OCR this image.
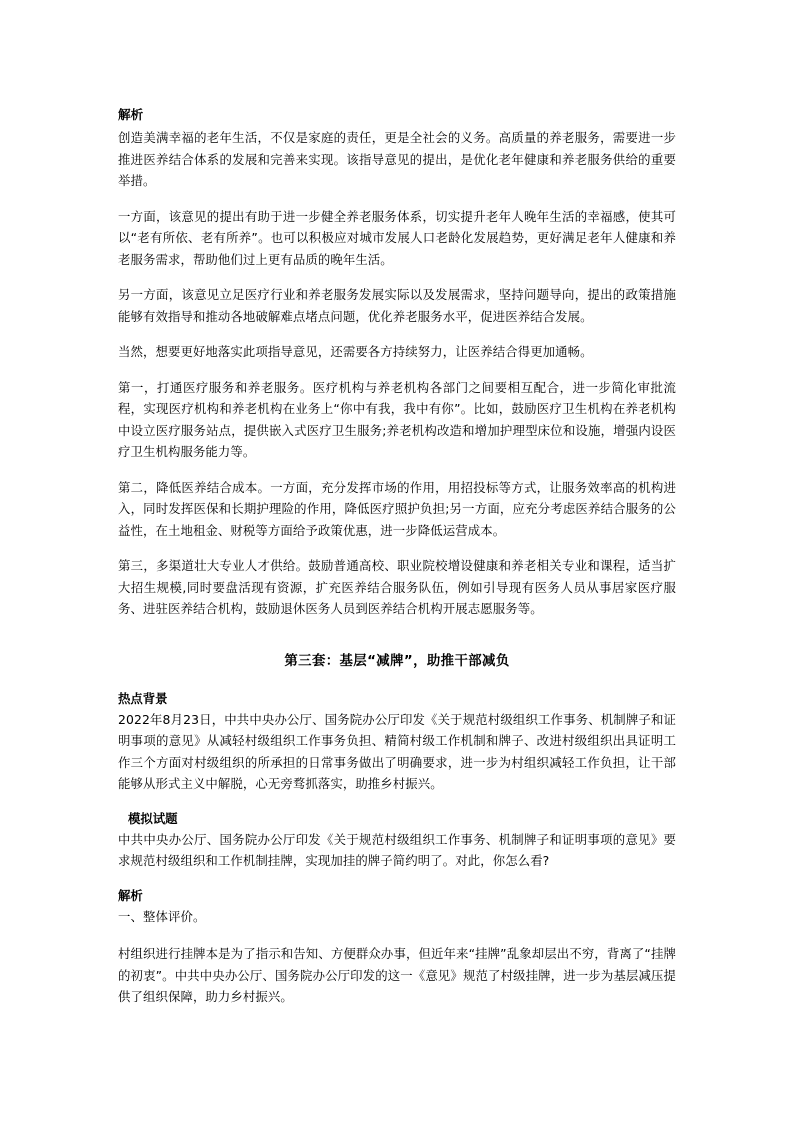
解析

创造美满幸福的老年生活，不仅是家庭的责任，更是全社会的义务。高质量的养老服务，需要进一步推进医养结合体系的发展和完善来实现。该指导意见的提出，是优化老年健康和养老服务供给的重要举措。

一方面，该意见的提出有助于进一步健全养老服务体系，切实提升老年人晚年生活的幸福感，使其可以“老有所依、老有所养”。也可以积极应对城市发展人口老龄化发展趋势，更好满足老年人健康和养老服务需求，帮助他们过上更有品质的晚年生活。

另一方面，该意见立足医疗行业和养老服务发展实际以及发展需求，坚持问题导向，提出的政策措施能够有效指导和推动各地破解难点堵点问题，优化养老服务水平，促进医养结合发展。

当然，想要更好地落实此项指导意见，还需要各方持续努力，让医养结合得更加通畅。

第一，打通医疗服务和养老服务。医疗机构与养老机构各部门之间要相互配合，进一步简化审批流程，实现医疗机构和养老机构在业务上“你中有我，我中有你”。比如，鼓励医疗卫生机构在养老机构中设立医疗服务站点，提供嵌入式医疗卫生服务;养老机构改造和增加护理型床位和设施，增强内设医疗卫生机构服务能力等。

第二，降低医养结合成本。一方面，充分发挥市场的作用，用招投标等方式，让服务效率高的机构进入，同时发挥医保和长期护理险的作用，降低医疗照护负担;另一方面，应充分考虑医养结合服务的公益性，在土地租金、财税等方面给予政策优惠，进一步降低运营成本。

第三，多渠道壮大专业人才供给。鼓励普通高校、职业院校增设健康和养老相关专业和课程，适当扩大招生规模,同时要盘活现有资源，扩充医养结合服务队伍，例如引导现有医务人员从事居家医疗服务、进驻医养结合机构，鼓励退休医务人员到医养结合机构开展志愿服务等。

第三套：基层“减牌”，助推干部减负
热点背景

2022年8月23日，中共中央办公厅、国务院办公厅印发《关于规范村级组织工作事务、机制牌子和证明事项的意见》从减轻村级组织工作事务负担、精简村级工作机制和牌子、改进村级组织出具证明工作三个方面对村级组织的所承担的日常事务做出了明确要求，进一步为村组织减轻工作负担，让干部能够从形式主义中解脱，心无旁骛抓落实，助推乡村振兴。

模拟试题

中共中央办公厅、国务院办公厅印发《关于规范村级组织工作事务、机制牌子和证明事项的意见》要求规范村级组织和工作机制挂牌，实现加挂的牌子简约明了。对此，你怎么看?

解析

一、整体评价。

村组织进行挂牌本是为了指示和告知、方便群众办事，但近年来“挂牌”乱象却层出不穷，背离了“挂牌的初衷”。中共中央办公厅、国务院办公厅印发的这一《意见》规范了村级挂牌，进一步为基层减压提供了组织保障，助力乡村振兴。
